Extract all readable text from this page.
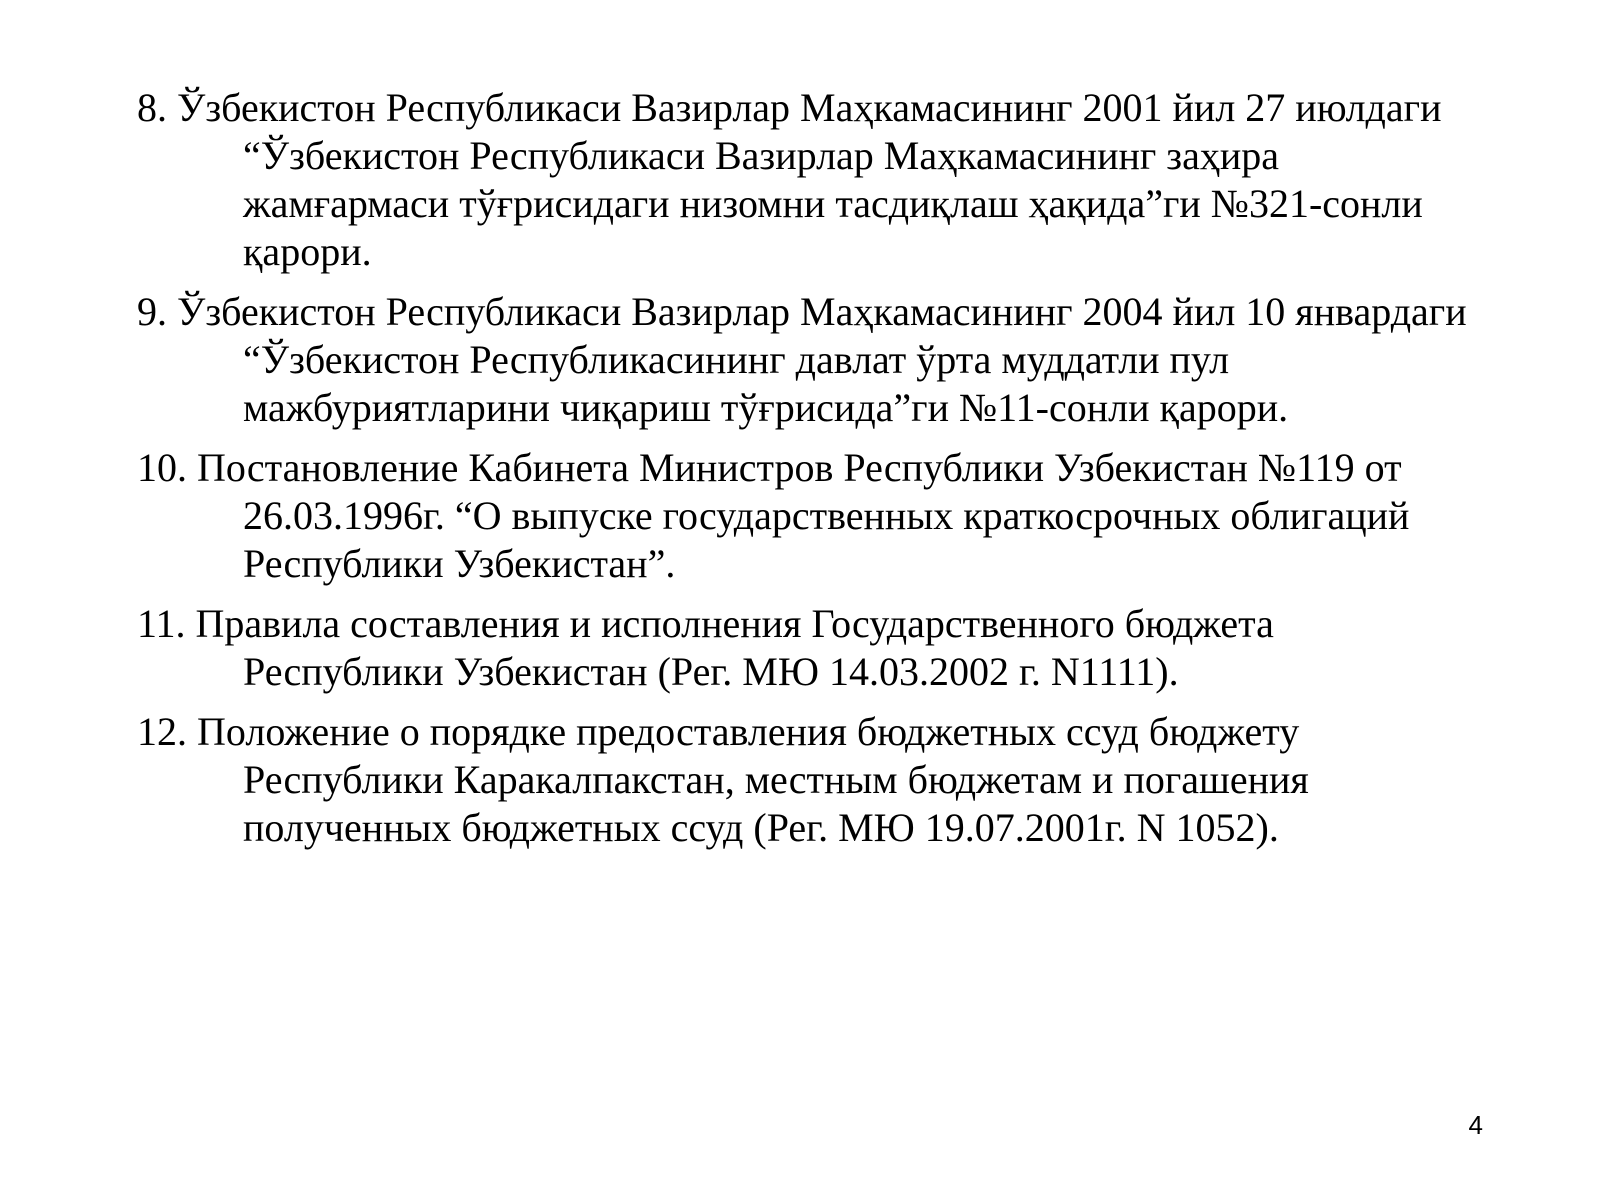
8. Ўзбекистон Республикаси Вазирлар Маҳкамасининг 2001 йил 27 июлдаги “Ўзбекистон Республикаси Вазирлар Маҳкамасининг заҳира жамғармаси тўғрисидаги низомни тасдиқлаш ҳақида”ги №321-сонли қарори.
9. Ўзбекистон Республикаси Вазирлар Маҳкамасининг 2004 йил 10 январдаги “Ўзбекистон Республикасининг давлат ўрта муддатли пул мажбуриятларини чиқариш тўғрисида”ги №11-сонли қарори.
10. Постановление Кабинета Министров Республики Узбекистан №119 от 26.03.1996г. “О выпуске государственных краткосрочных облигаций Республики Узбекистан”.
11. Правила составления и исполнения Государственного бюджета Республики Узбекистан (Рег. МЮ 14.03.2002 г. N1111).
12. Положение о порядке предоставления бюджетных ссуд бюджету Республики Каракалпакстан, местным бюджетам и погашения полученных бюджетных ссуд (Рег. МЮ 19.07.2001г. N 1052).
4
